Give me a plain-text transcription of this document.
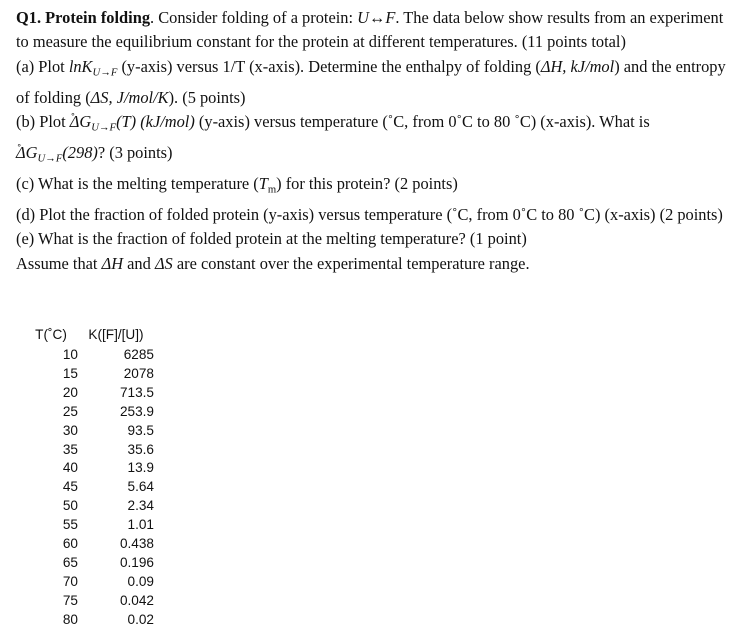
Q1. Protein folding. Consider folding of a protein: U↔F. The data below show results from an experiment to measure the equilibrium constant for the protein at different temperatures. (11 points total)

(a) Plot lnK$_{U\to F}$ (y-axis) versus 1/T (x-axis). Determine the enthalpy of folding (ΔH, kJ/mol) and the entropy of folding (ΔS, J/mol/K). (5 points)

(b) Plot ˚ $\Delta G_{U\to F}(T)$ (kJ/mol) (y-axis) versus temperature (˚C, from 0˚C to 80 ˚C) (x-axis). What is ˚ $\Delta G_{U\to F}(298)$? (3 points)

(c) What is the melting temperature $(T_m)$ for this protein? (2 points)

(d) Plot the fraction of folded protein (y-axis) versus temperature (˚C, from 0˚C to 80 ˚C) (x-axis) (2 points)

(e) What is the fraction of folded protein at the melting temperature? (1 point)

Assume that ΔH and ΔS are constant over the experimental temperature range.

T(˚C)	K([F]/[U])
10	6285
15	2078
20	713.5
25	253.9
30	93.5
35	35.6
40	13.9
45	5.64
50	2.34
55	1.01
60	0.438
65	0.196
70	0.09
75	0.042
80	0.02
